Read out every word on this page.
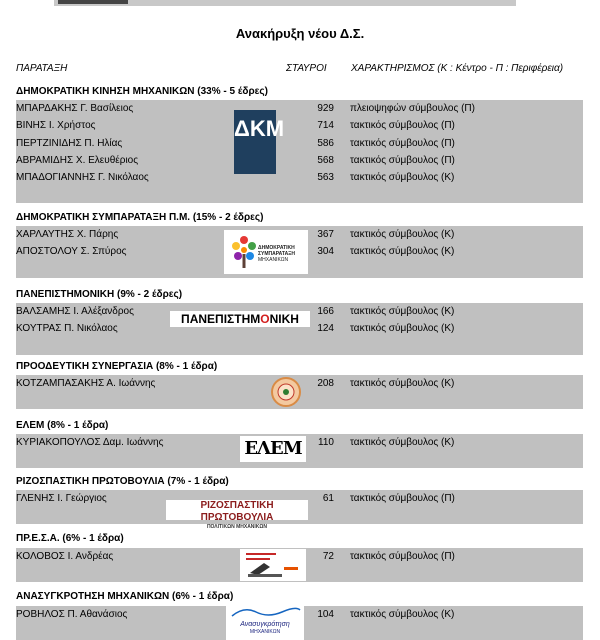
Ανακήρυξη νέου Δ.Σ.
ΠΑΡΑΤΑΞΗ	ΣΤΑΥΡΟΙ ΧΑΡΑΚΤΗΡΙΣΜΟΣ (Κ : Κέντρο - Π : Περιφέρεια)
ΔΗΜΟΚΡΑΤΙΚΗ ΚΙΝΗΣΗ ΜΗΧΑΝΙΚΩΝ (33% - 5 έδρες)
ΜΠΑΡΔΑΚΗΣ Γ. Βασίλειος	929 πλειοψηφών σύμβουλος (Π)
ΒΙΝΗΣ Ι. Χρήστος	714 τακτικός σύμβουλος (Π)
ΠΕΡΤΖΙΝΙΔΗΣ Π. Ηλίας	586 τακτικός σύμβουλος (Π)
ΑΒΡΑΜΙΔΗΣ Χ. Ελευθέριος	568 τακτικός σύμβουλος (Π)
ΜΠΑΔΟΓΙΑΝΝΗΣ Γ. Νικόλαος	563 τακτικός σύμβουλος (Κ)
ΔΚΜ
ΔΗΜΟΚΡΑΤΙΚΗ ΣΥΜΠΑΡΑΤΑΞΗ Π.Μ. (15% - 2 έδρες)
ΧΑΡΛΑΥΤΗΣ Χ. Πάρης	367 τακτικός σύμβουλος (Κ)
ΑΠΟΣΤΟΛΟΥ Σ. Σπύρος	304 τακτικός σύμβουλος (Κ)
ΔΗΜΟΚΡΑΤΙΚΗ
ΣΥΜΠΑΡΑΤΑΞΗ
ΜΗΧΑΝΙΚΩΝ
ΠΑΝΕΠΙΣΤΗΜΟΝΙΚΗ (9% - 2 έδρες)
ΒΑΛΣΑΜΗΣ Ι. Αλέξανδρος	166 τακτικός σύμβουλος (Κ)
ΚΟΥΤΡΑΣ Π. Νικόλαος	124 τακτικός σύμβουλος (Κ)
ΠΑΝΕΠΙΣΤΗΜΟΝΙΚΗ
ΠΡΟΟΔΕΥΤΙΚΗ ΣΥΝΕΡΓΑΣΙΑ (8% - 1 έδρα)
ΚΟΤΖΑΜΠΑΣΑΚΗΣ Α. Ιωάννης	208 τακτικός σύμβουλος (Κ)
ΕΛΕΜ (8% - 1 έδρα)
ΚΥΡΙΑΚΟΠΟΥΛΟΣ Δαμ. Ιωάννης	110 τακτικός σύμβουλος (Κ)
ΕΛΕΜ
ΡΙΖΟΣΠΑΣΤΙΚΗ ΠΡΩΤΟΒΟΥΛΙΑ (7% - 1 έδρα)
ΓΛΕΝΗΣ Ι. Γεώργιος	61 τακτικός σύμβουλος (Π)
ΡΙΖΟΣΠΑΣΤΙΚΗ ΠΡΩΤΟΒΟΥΛΙΑ
ΠΟΛΙΤΙΚΩΝ ΜΗΧΑΝΙΚΩΝ
ΠΡ.Ε.Σ.Α. (6% - 1 έδρα)
ΚΟΛΟΒΟΣ Ι. Ανδρέας	72 τακτικός σύμβουλος (Π)
ΑΝΑΣΥΓΚΡΟΤΗΣΗ ΜΗΧΑΝΙΚΩΝ (6% - 1 έδρα)
ΡΟΒΗΛΟΣ Π. Αθανάσιος	104 τακτικός σύμβουλος (Κ)
Ανασυγκρότηση
ΜΗΧΑΝΙΚΩΝ
